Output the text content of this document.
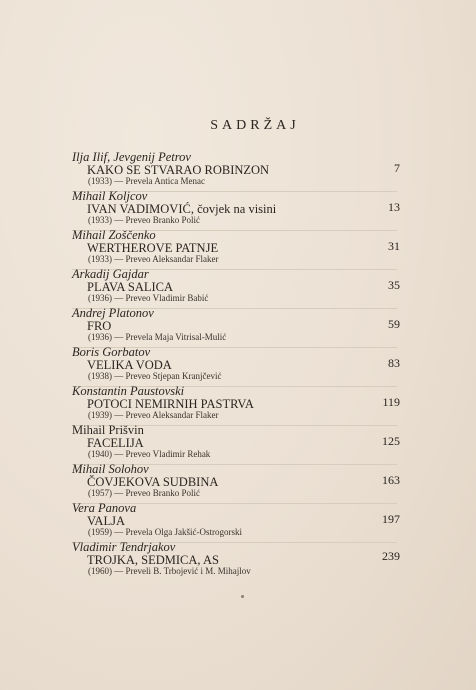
SADRŽAJ
Ilja Ilif, Jevgenij Petrov
KAKO SE STVARAO ROBINZON
(1933) — Prevela Antica Menac
7
Mihail Koljcov
IVAN VADIMOVIĆ, čovjek na visini
(1933) — Preveo Branko Polić
13
Mihail Zoščenko
WERTHEROVE PATNJE
(1933) — Preveo Aleksandar Flaker
31
Arkadij Gajdar
PLAVA SALICA
(1936) — Preveo Vladimir Babić
35
Andrej Platonov
FRO
(1936) — Prevela Maja Vitrisal-Mulić
59
Boris Gorbatov
VELIKA VODA
(1938) — Preveo Stjepan Kranjčević
83
Konstantin Paustovski
POTOCI NEMIRNIH PASTRVA
(1939) — Preveo Aleksandar Flaker
119
Mihail Prišvin
FACELIJA
(1940) — Preveo Vladimir Rehak
125
Mihail Solohov
ČOVJEKOVA SUDBINA
(1957) — Preveo Branko Polić
163
Vera Panova
VALJA
(1959) — Prevela Olga Jakšić-Ostrogorski
197
Vladimir Tendrjakov
TROJKA, SEDMICA, AS
(1960) — Preveli B. Trbojević i M. Mihajlov
239
